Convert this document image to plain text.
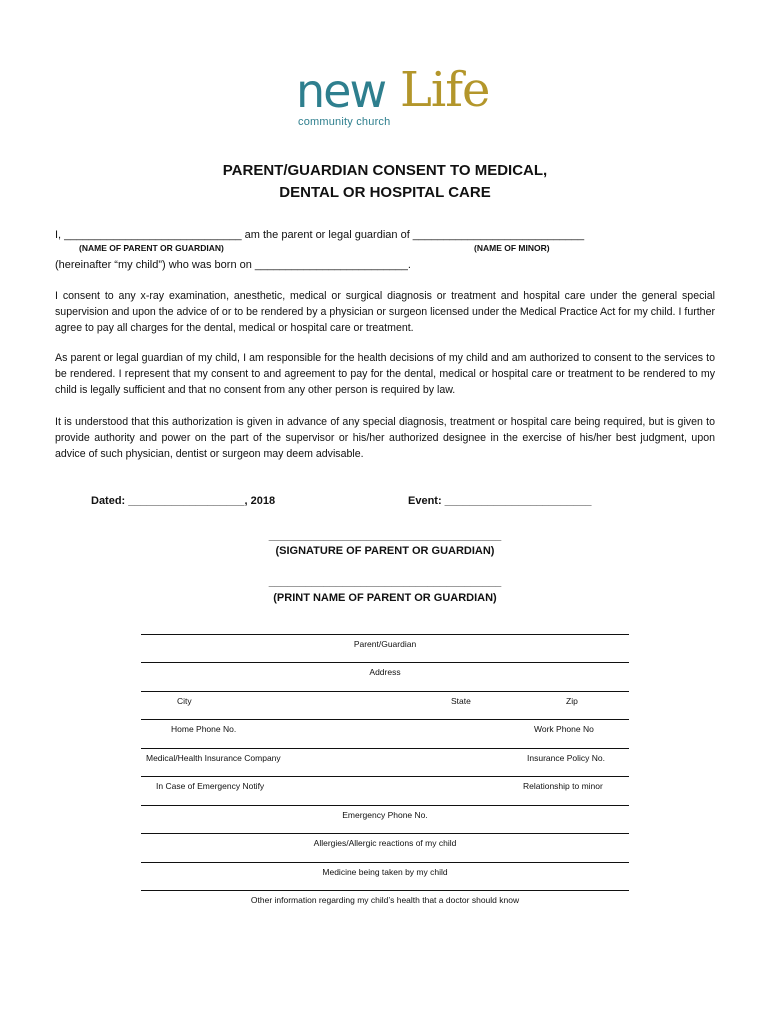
new Life
community church
PARENT/GUARDIAN CONSENT TO MEDICAL,
DENTAL OR HOSPITAL CARE
I, _____________________________ am the parent or legal guardian of ____________________________
(NAME OF PARENT OR GUARDIAN)	(NAME OF MINOR)
(hereinafter “my child”) who was born on _________________________.
I consent to any x-ray examination, anesthetic, medical or surgical diagnosis or treatment and hospital care under the general special supervision and upon the advice of or to be rendered by a physician or surgeon licensed under the Medical Practice Act for my child. I further agree to pay all charges for the dental, medical or hospital care or treatment.
As parent or legal guardian of my child, I am responsible for the health decisions of my child and am authorized to consent to the services to be rendered. I represent that my consent to and agreement to pay for the dental, medical or hospital care or treatment to be rendered to my child is legally sufficient and that no consent from any other person is required by law.
It is understood that this authorization is given in advance of any special diagnosis, treatment or hospital care being required, but is given to provide authority and power on the part of the supervisor or his/her authorized designee in the exercise of his/her best judgment, upon advice of such physician, dentist or surgeon may deem advisable.
Dated: ___________________, 2018	Event: ________________________
______________________________________
(SIGNATURE OF PARENT OR GUARDIAN)
______________________________________
(PRINT NAME OF PARENT OR GUARDIAN)
Parent/Guardian
Address
City	State	Zip
Home Phone No.	Work Phone No
Medical/Health Insurance Company	Insurance Policy No.
In Case of Emergency Notify	Relationship to minor
Emergency Phone No.
Allergies/Allergic reactions of my child
Medicine being taken by my child
Other information regarding my child’s health that a doctor should know
